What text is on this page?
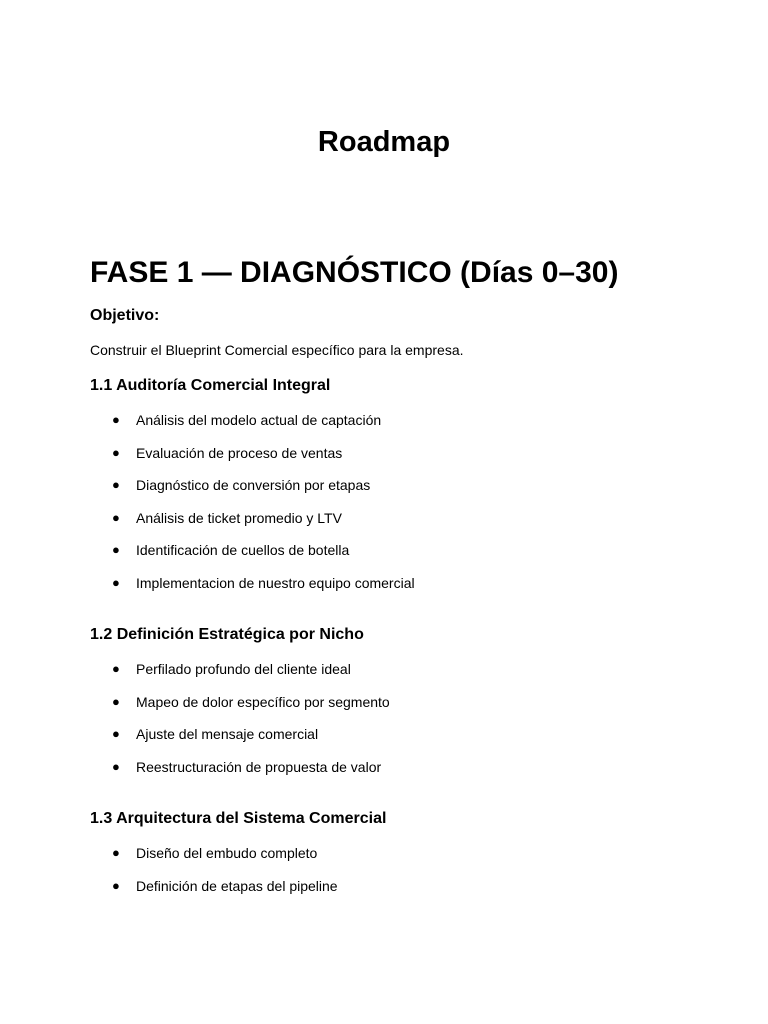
Roadmap
FASE 1 — DIAGNÓSTICO (Días 0–30)
Objetivo:

Construir el Blueprint Comercial específico para la empresa.

1.1 Auditoría Comercial Integral
●	Análisis del modelo actual de captación
●	Evaluación de proceso de ventas
●	Diagnóstico de conversión por etapas
●	Análisis de ticket promedio y LTV
●	Identificación de cuellos de botella
●	Implementacion de nuestro equipo comercial
1.2 Definición Estratégica por Nicho
●	Perfilado profundo del cliente ideal
●	Mapeo de dolor específico por segmento
●	Ajuste del mensaje comercial
●	Reestructuración de propuesta de valor
1.3 Arquitectura del Sistema Comercial
●	Diseño del embudo completo
●	Definición de etapas del pipeline
